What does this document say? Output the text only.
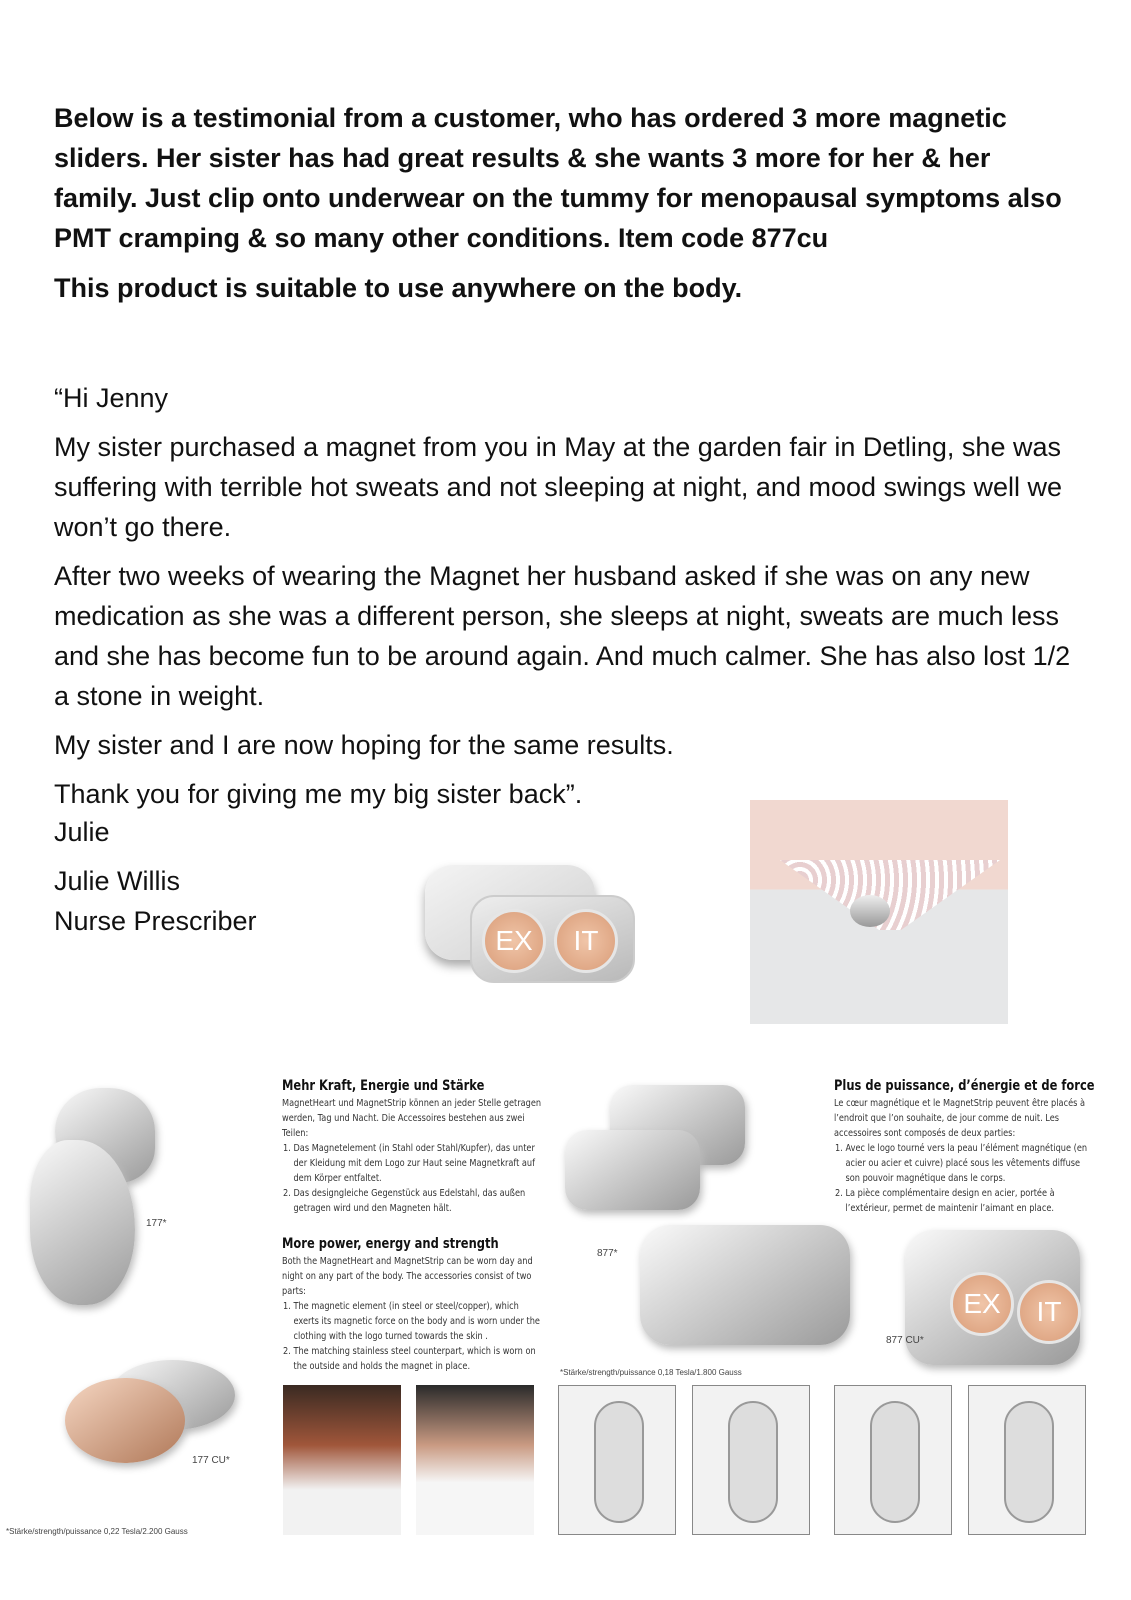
Below is a testimonial from a customer, who has ordered 3 more magnetic sliders. Her sister has had great results & she wants 3 more for her & her family. Just clip onto underwear on the tummy for menopausal symptoms also PMT cramping & so many other conditions. Item code 877cu

This product is suitable to use anywhere on the body.

“Hi Jenny

My sister purchased a magnet from you in May at the garden fair in Detling, she was suffering with terrible hot sweats and not sleeping at night, and mood swings well we won’t go there.

After two weeks of wearing the Magnet her husband asked if she was on any new medication as she was a different person, she sleeps at night, sweats are much less and she has become fun to be around again. And much calmer. She has also lost 1/2 a stone in weight.

My sister and I are now hoping for the same results.

Thank you for giving me my big sister back”.

Julie
Julie Willis
Nurse Prescriber
EX	IT
177*
177 CU*
*Stärke/strength/puissance 0,22 Tesla/2.200 Gauss
Mehr Kraft, Energie und Stärke

MagnetHeart und MagnetStrip können an jeder Stelle getragen werden, Tag und Nacht. Die Accessoires bestehen aus zwei Teilen:

1. Das Magnetelement (in Stahl oder Stahl/Kupfer), das unter der Kleidung mit dem Logo zur Haut seine Magnetkraft auf dem Körper entfaltet.
2. Das designgleiche Gegenstück aus Edelstahl, das außen getragen wird und den Magneten hält.
More power, energy and strength

Both the MagnetHeart and MagnetStrip can be worn day and night on any part of the body. The accessories consist of two parts:

1. The magnetic element (in steel or steel/copper), which exerts its magnetic force on the body and is worn under the clothing with the logo turned towards the skin .
2. The matching stainless steel counterpart, which is worn on the outside and holds the magnet in place.
Plus de puissance, d’énergie et de force

Le cœur magnétique et le MagnetStrip peuvent être placés à l’endroit que l’on souhaite, de jour comme de nuit. Les accessoires sont composés de deux parties:

1. Avec le logo tourné vers la peau l’élément magnétique (en acier ou acier et cuivre) placé sous les vêtements diffuse son pouvoir magnétique dans le corps.
2. La pièce complémentaire design en acier, portée à l’extérieur, permet de maintenir l’aimant en place.
877*
EX	IT
877 CU*
*Stärke/strength/puissance 0,18 Tesla/1.800 Gauss
